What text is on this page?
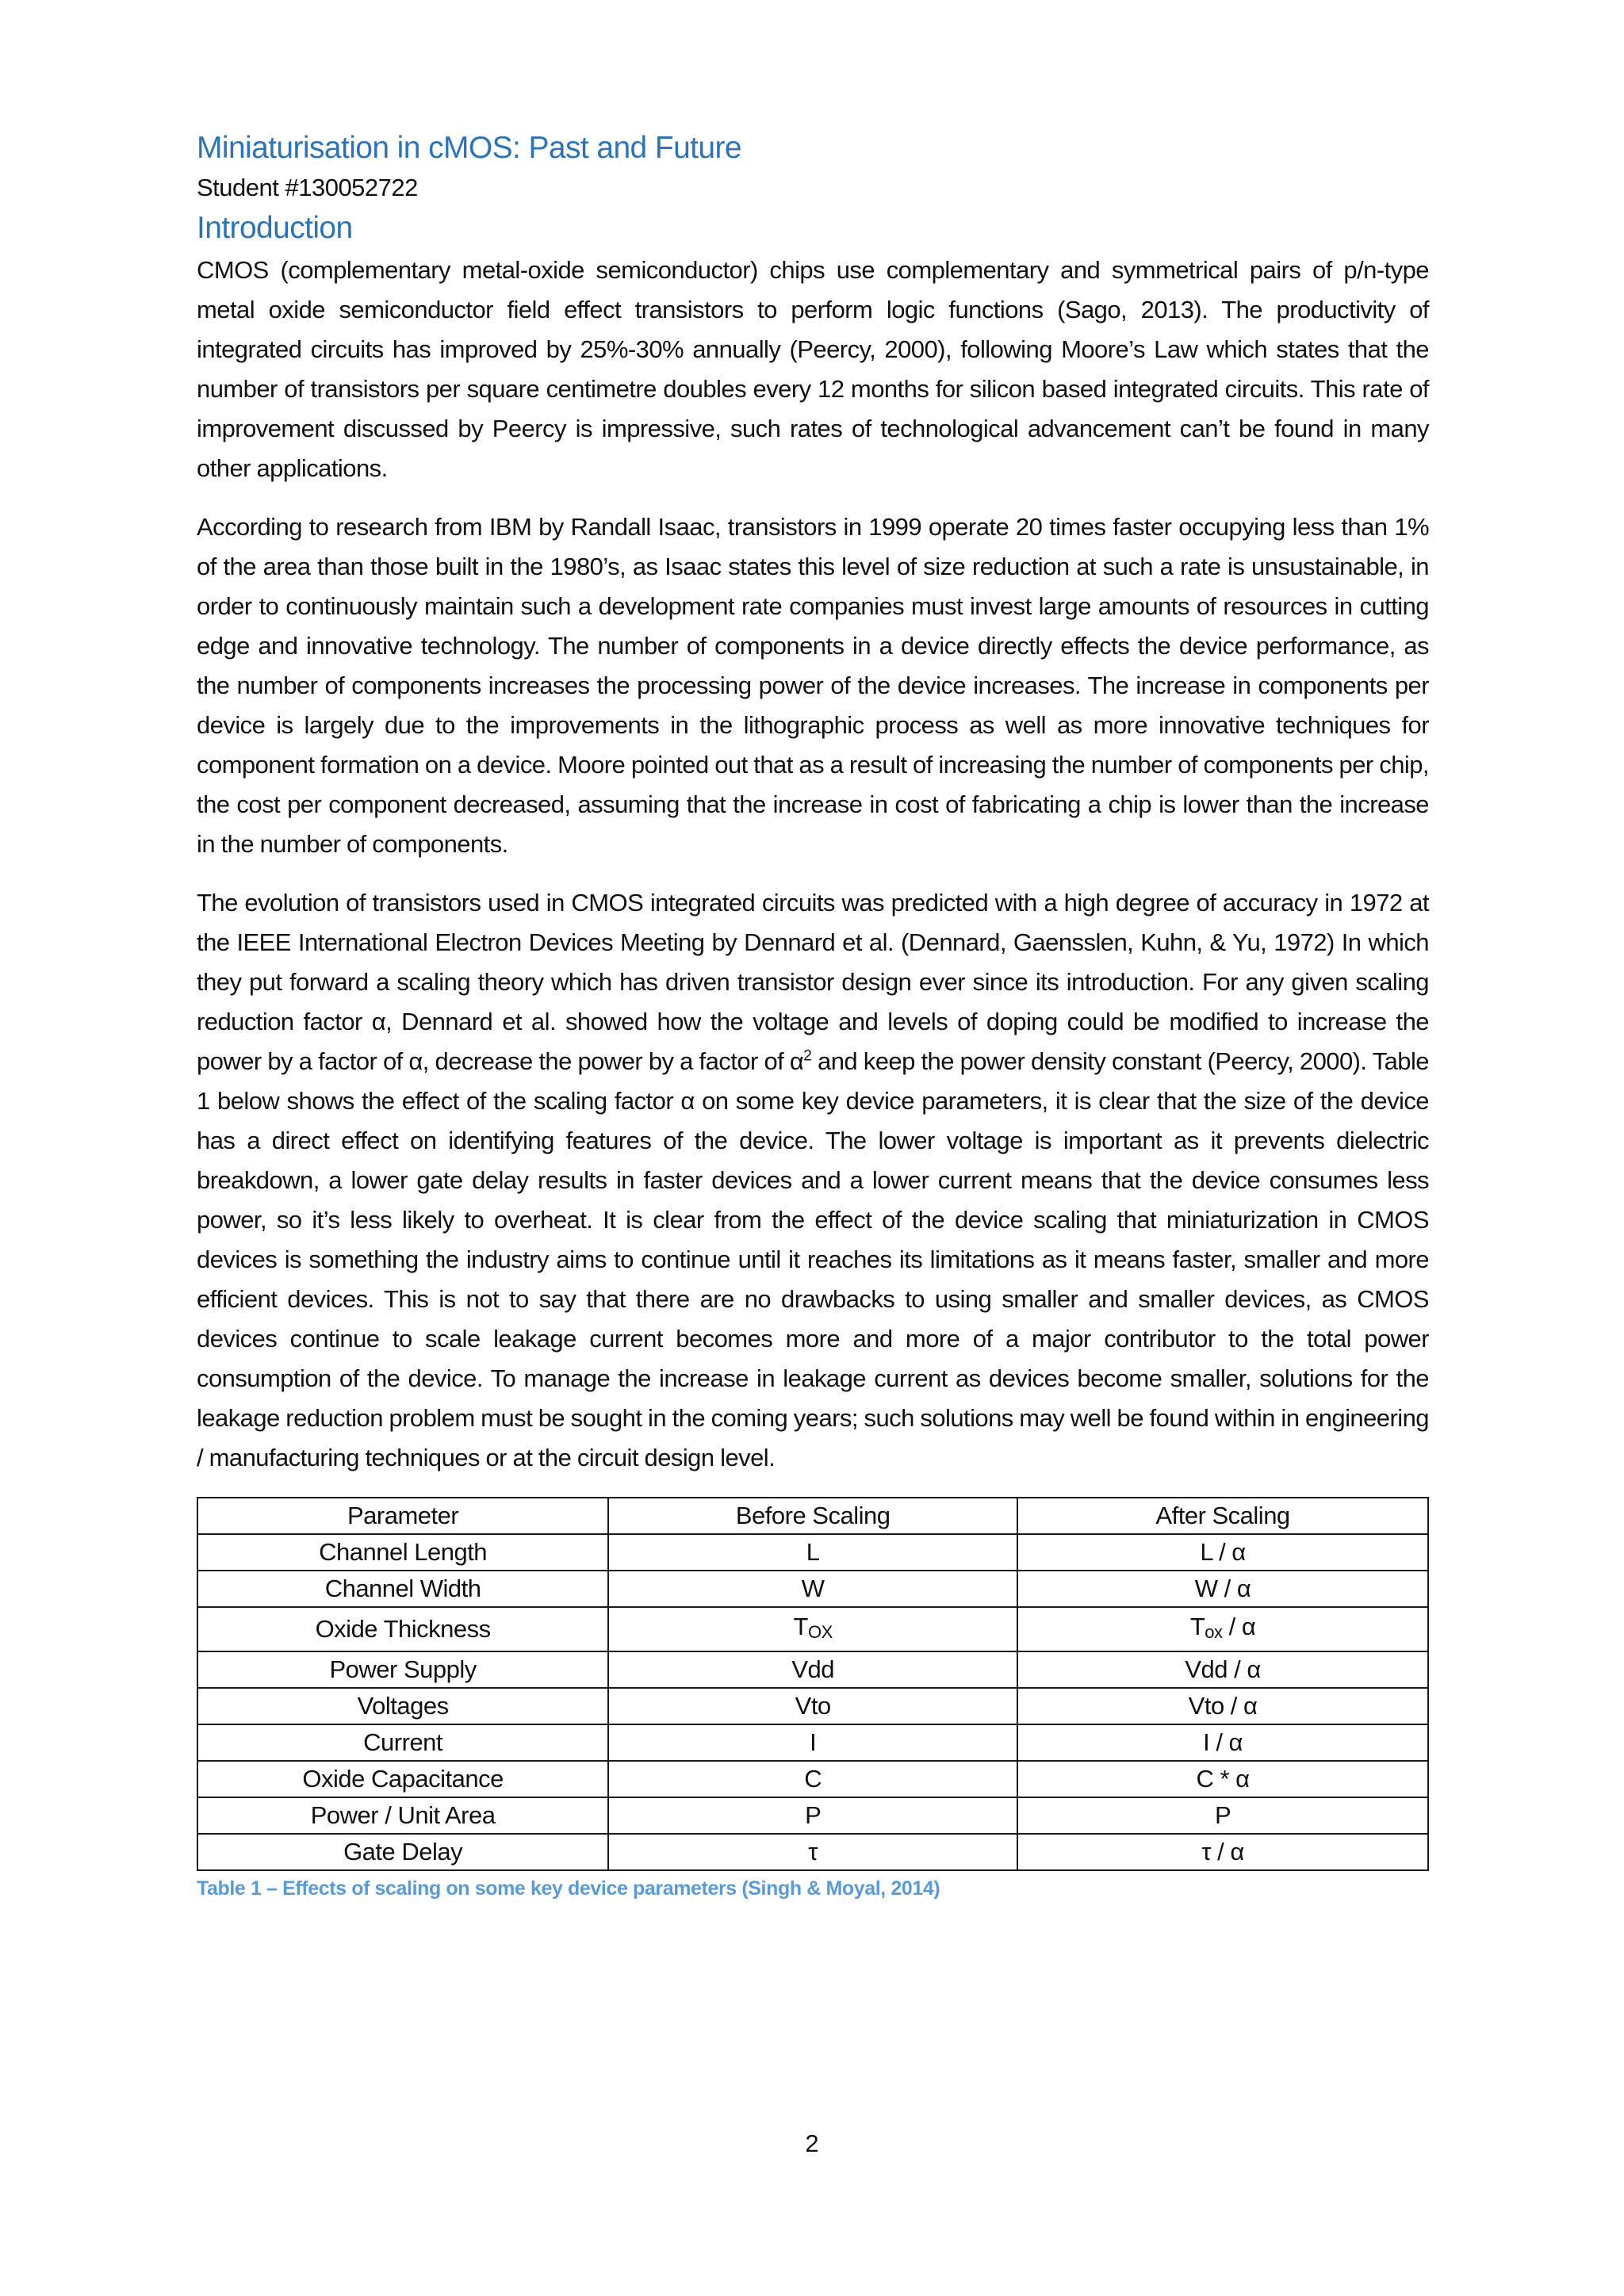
Miniaturisation in cMOS: Past and Future

Student #130052722

Introduction

CMOS (complementary metal-oxide semiconductor) chips use complementary and symmetrical pairs of p/n-type metal oxide semiconductor field effect transistors to perform logic functions (Sago, 2013). The productivity of integrated circuits has improved by 25%-30% annually (Peercy, 2000), following Moore’s Law which states that the number of transistors per square centimetre doubles every 12 months for silicon based integrated circuits. This rate of improvement discussed by Peercy is impressive, such rates of technological advancement can’t be found in many other applications.

According to research from IBM by Randall Isaac, transistors in 1999 operate 20 times faster occupying less than 1% of the area than those built in the 1980’s, as Isaac states this level of size reduction at such a rate is unsustainable, in order to continuously maintain such a development rate companies must invest large amounts of resources in cutting edge and innovative technology. The number of components in a device directly effects the device performance, as the number of components increases the processing power of the device increases. The increase in components per device is largely due to the improvements in the lithographic process as well as more innovative techniques for component formation on a device. Moore pointed out that as a result of increasing the number of components per chip, the cost per component decreased, assuming that the increase in cost of fabricating a chip is lower than the increase in the number of components.

The evolution of transistors used in CMOS integrated circuits was predicted with a high degree of accuracy in 1972 at the IEEE International Electron Devices Meeting by Dennard et al. (Dennard, Gaensslen, Kuhn, & Yu, 1972) In which they put forward a scaling theory which has driven transistor design ever since its introduction. For any given scaling reduction factor α, Dennard et al. showed how the voltage and levels of doping could be modified to increase the power by a factor of α, decrease the power by a factor of $\alpha^2$ and keep the power density constant (Peercy, 2000). Table 1 below shows the effect of the scaling factor α on some key device parameters, it is clear that the size of the device has a direct effect on identifying features of the device. The lower voltage is important as it prevents dielectric breakdown, a lower gate delay results in faster devices and a lower current means that the device consumes less power, so it’s less likely to overheat. It is clear from the effect of the device scaling that miniaturization in CMOS devices is something the industry aims to continue until it reaches its limitations as it means faster, smaller and more efficient devices. This is not to say that there are no drawbacks to using smaller and smaller devices, as CMOS devices continue to scale leakage current becomes more and more of a major contributor to the total power consumption of the device. To manage the increase in leakage current as devices become smaller, solutions for the leakage reduction problem must be sought in the coming years; such solutions may well be found within in engineering / manufacturing techniques or at the circuit design level.

Parameter	Before Scaling	After Scaling
Channel Length	L	L / α
Channel Width	W	W / α
Oxide Thickness	$T_{OX}$	$T_{ox}$ / α
Power Supply	Vdd	Vdd / α
Voltages	Vto	Vto / α
Current	I	I / α
Oxide Capacitance	C	C * α
Power / Unit Area	P	P
Gate Delay	τ	τ / α

Table 1 – Effects of scaling on some key device parameters (Singh & Moyal, 2014)

2
